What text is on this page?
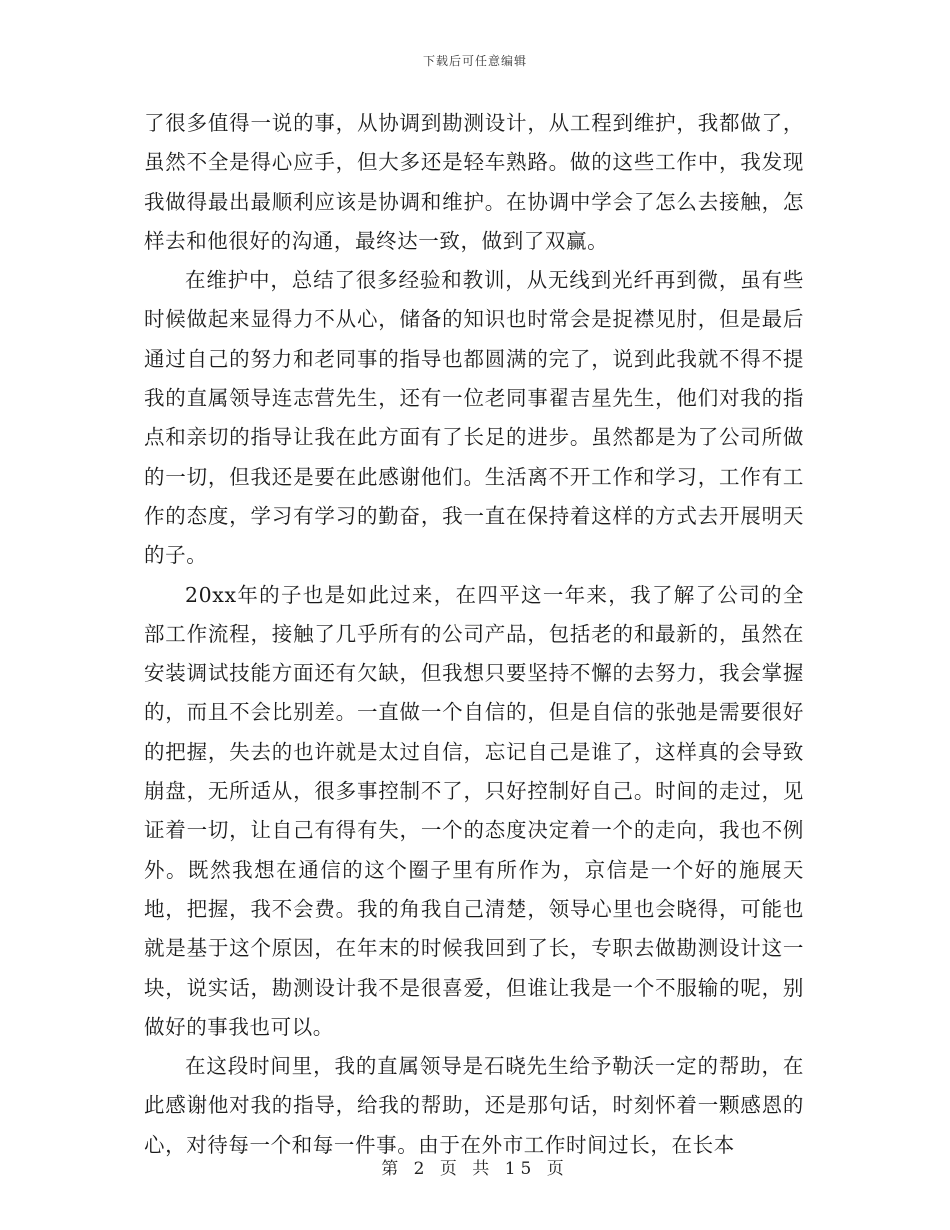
下载后可任意编辑

了很多值得一说的事，从协调到勘测设计，从工程到维护，我都做了，虽然不全是得心应手，但大多还是轻车熟路。做的这些工作中，我发现我做得最出最顺利应该是协调和维护。在协调中学会了怎么去接触，怎样去和他很好的沟通，最终达一致，做到了双赢。

在维护中，总结了很多经验和教训，从无线到光纤再到微，虽有些时候做起来显得力不从心，储备的知识也时常会是捉襟见肘，但是最后通过自己的努力和老同事的指导也都圆满的完了，说到此我就不得不提我的直属领导连志营先生，还有一位老同事翟吉星先生，他们对我的指点和亲切的指导让我在此方面有了长足的进步。虽然都是为了公司所做的一切，但我还是要在此感谢他们。生活离不开工作和学习，工作有工作的态度，学习有学习的勤奋，我一直在保持着这样的方式去开展明天的子。

20xx年的子也是如此过来，在四平这一年来，我了解了公司的全部工作流程，接触了几乎所有的公司产品，包括老的和最新的，虽然在安装调试技能方面还有欠缺，但我想只要坚持不懈的去努力，我会掌握的，而且不会比别差。一直做一个自信的，但是自信的张弛是需要很好的把握，失去的也许就是太过自信，忘记自己是谁了，这样真的会导致崩盘，无所适从，很多事控制不了，只好控制好自己。时间的走过，见证着一切，让自己有得有失，一个的态度决定着一个的走向，我也不例外。既然我想在通信的这个圈子里有所作为，京信是一个好的施展天地，把握，我不会费。我的角我自己清楚，领导心里也会晓得，可能也就是基于这个原因，在年末的时候我回到了长，专职去做勘测设计这一块，说实话，勘测设计我不是很喜爱，但谁让我是一个不服输的呢，别做好的事我也可以。

在这段时间里，我的直属领导是石晓先生给予勒沃一定的帮助，在此感谢他对我的指导，给我的帮助，还是那句话，时刻怀着一颗感恩的心，对待每一个和每一件事。由于在外市工作时间过长，在长本

第 2 页 共 15 页
